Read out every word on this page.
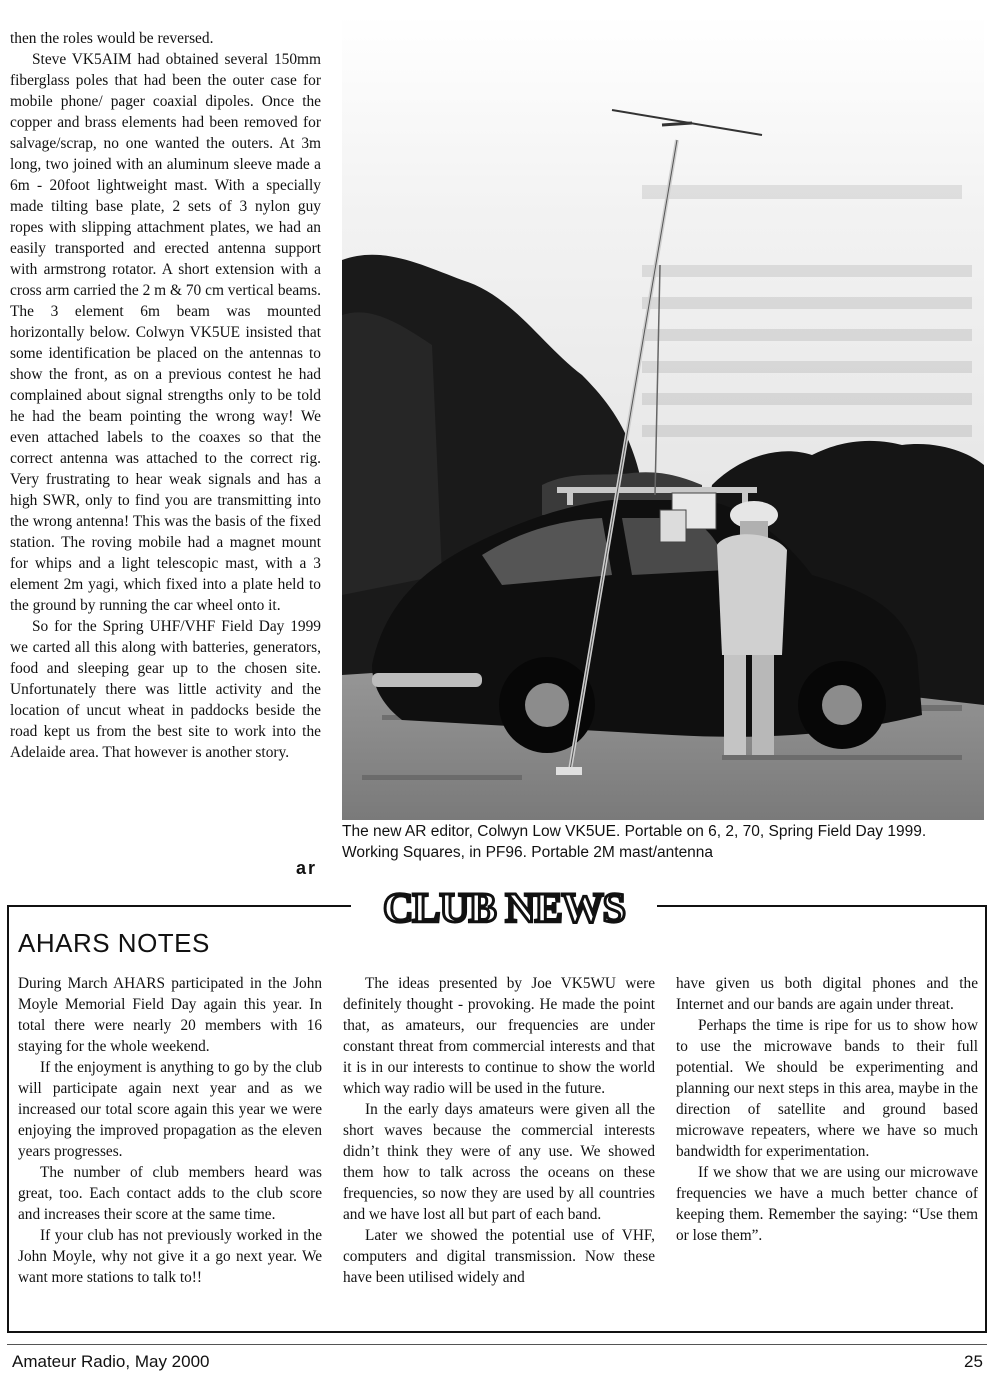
then the roles would be reversed.

Steve VK5AIM had obtained several 150mm fiberglass poles that had been the outer case for mobile phone/ pager coaxial dipoles. Once the copper and brass elements had been removed for salvage/scrap, no one wanted the outers. At 3m long, two joined with an aluminum sleeve made a 6m - 20foot lightweight mast. With a specially made tilting base plate, 2 sets of 3 nylon guy ropes with slipping attachment plates, we had an easily transported and erected antenna support with armstrong rotator. A short extension with a cross arm carried the 2 m & 70 cm vertical beams. The 3 element 6m beam was mounted horizontally below. Colwyn VK5UE insisted that some identification be placed on the antennas to show the front, as on a previous contest he had complained about signal strengths only to be told he had the beam pointing the wrong way! We even attached labels to the coaxes so that the correct antenna was attached to the correct rig. Very frustrating to hear weak signals and has a high SWR, only to find you are transmitting into the wrong antenna! This was the basis of the fixed station. The roving mobile had a magnet mount for whips and a light telescopic mast, with a 3 element 2m yagi, which fixed into a plate held to the ground by running the car wheel onto it.

So for the Spring UHF/VHF Field Day 1999 we carted all this along with batteries, generators, food and sleeping gear up to the chosen site. Unfortunately there was little activity and the location of uncut wheat in paddocks beside the road kept us from the best site to work into the Adelaide area. That however is another story.

ar
The new AR editor, Colwyn Low VK5UE. Portable on 6, 2, 70, Spring Field Day 1999. Working Squares, in PF96. Portable 2M mast/antenna
CLUB NEWS
AHARS NOTES

During March AHARS participated in the John Moyle Memorial Field Day again this year. In total there were nearly 20 members with 16 staying for the whole weekend.

If the enjoyment is anything to go by the club will participate again next year and as we increased our total score again this year we were enjoying the improved propagation as the eleven years progresses.

The number of club members heard was great, too. Each contact adds to the club score and increases their score at the same time.

If your club has not previously worked in the John Moyle, why not give it a go next year. We want more stations to talk to!!

The ideas presented by Joe VK5WU were definitely thought - provoking. He made the point that, as amateurs, our frequencies are under constant threat from commercial interests and that it is in our interests to continue to show the world which way radio will be used in the future.

In the early days amateurs were given all the short waves because the commercial interests didn’t think they were of any use. We showed them how to talk across the oceans on these frequencies, so now they are used by all countries and we have lost all but part of each band.

Later we showed the potential use of VHF, computers and digital transmission. Now these have been utilised widely and

have given us both digital phones and the Internet and our bands are again under threat.

Perhaps the time is ripe for us to show how to use the microwave bands to their full potential. We should be experimenting and planning our next steps in this area, maybe in the direction of satellite and ground based microwave repeaters, where we have so much bandwidth for experimentation.

If we show that we are using our microwave frequencies we have a much better chance of keeping them. Remember the saying: “Use them or lose them”.

Amateur Radio, May 2000	25
